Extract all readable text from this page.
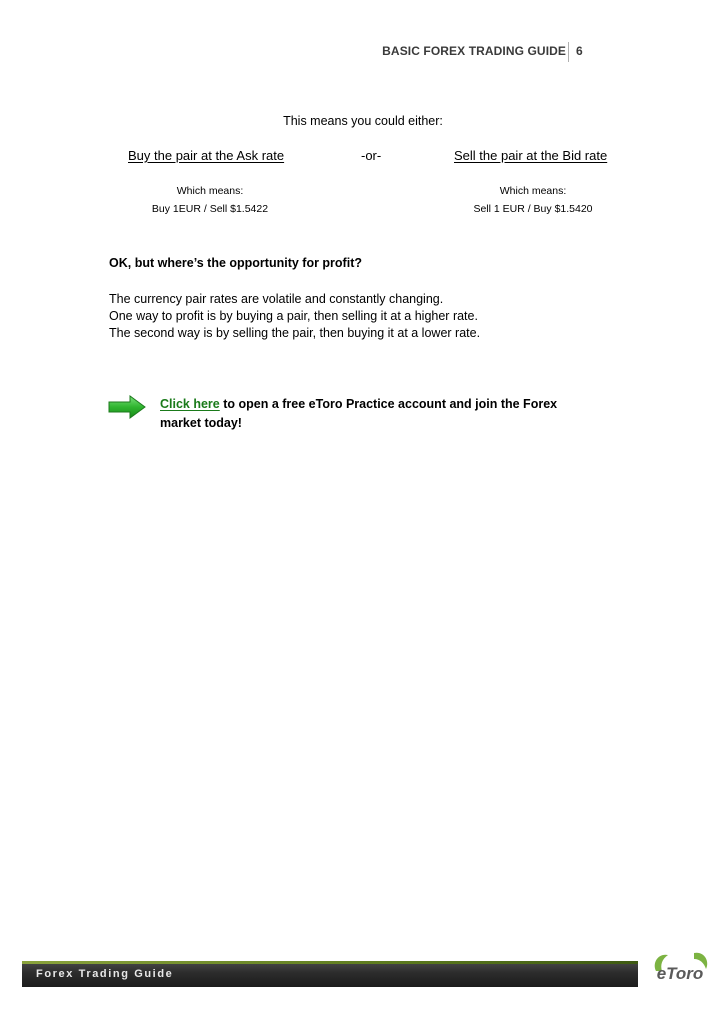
BASIC FOREX TRADING GUIDE 6
This means you could either:
Buy the pair at the Ask rate	-or-	Sell the pair at the Bid rate
Which means:
Buy 1EUR / Sell $1.5422
Which means:
Sell 1 EUR / Buy $1.5420
OK, but where’s the opportunity for profit?
The currency pair rates are volatile and constantly changing.
One way to profit is by buying a pair, then selling it at a higher rate.
The second way is by selling the pair, then buying it at a lower rate.
Click here to open a free eToro Practice account and join the Forex market today!
Forex Trading Guide	eToro
